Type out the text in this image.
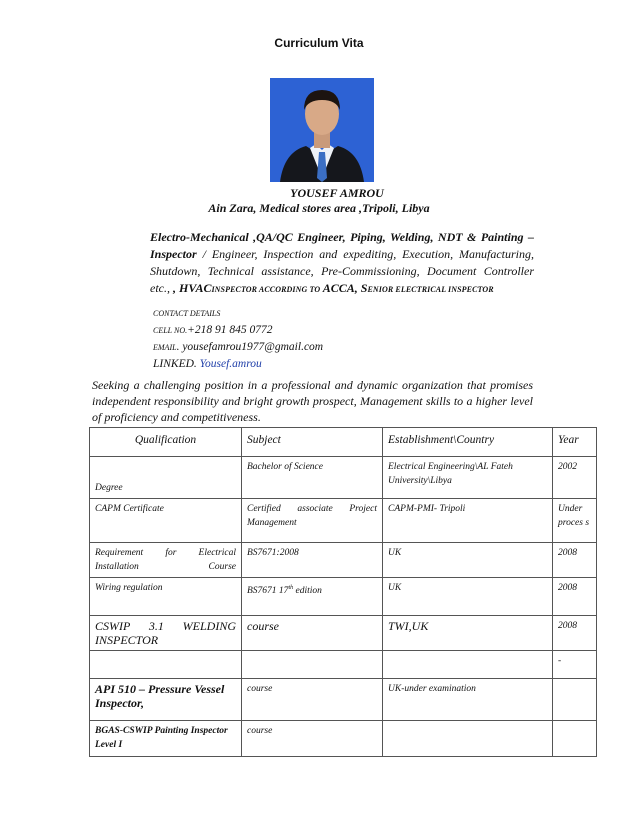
Curriculum Vita
YOUSEF AMROU
Ain Zara, Medical stores area ,Tripoli, Libya
Electro-Mechanical ,QA/QC Engineer, Piping, Welding, NDT & Painting – Inspector / Engineer, Inspection and expediting, Execution, Manufacturing, Shutdown, Technical assistance, Pre-Commissioning, Document Controller etc., , HVACINSPECTOR ACCORDING TO ACCA, SENIOR ELECTRICAL INSPECTOR
CONTACT DETAILS
CELL NO.+218 91 845 0772
EMAIL. yousefamrou1977@gmail.com
LINKED. Yousef.amrou
Seeking a challenging position in a professional and dynamic organization that promises independent responsibility and bright growth prospect, Management skills to a higher level of proficiency and competitiveness.
Qualification	Subject	Establishment\Country	Year
Degree	Bachelor of Science	Electrical Engineering\AL Fateh University\Libya	2002
CAPM Certificate	Certified associate Project Management	CAPM-PMI- Tripoli	Under proces s
Requirement for Electrical Installation Course	BS7671:2008	UK	2008
Wiring regulation	BS7671 17th edition	UK	2008
CSWIP 3.1 WELDING INSPECTOR	course	TWI,UK	2008
			-
API 510 – Pressure Vessel Inspector,	course	UK-under examination	
BGAS-CSWIP Painting Inspector Level I	course		
